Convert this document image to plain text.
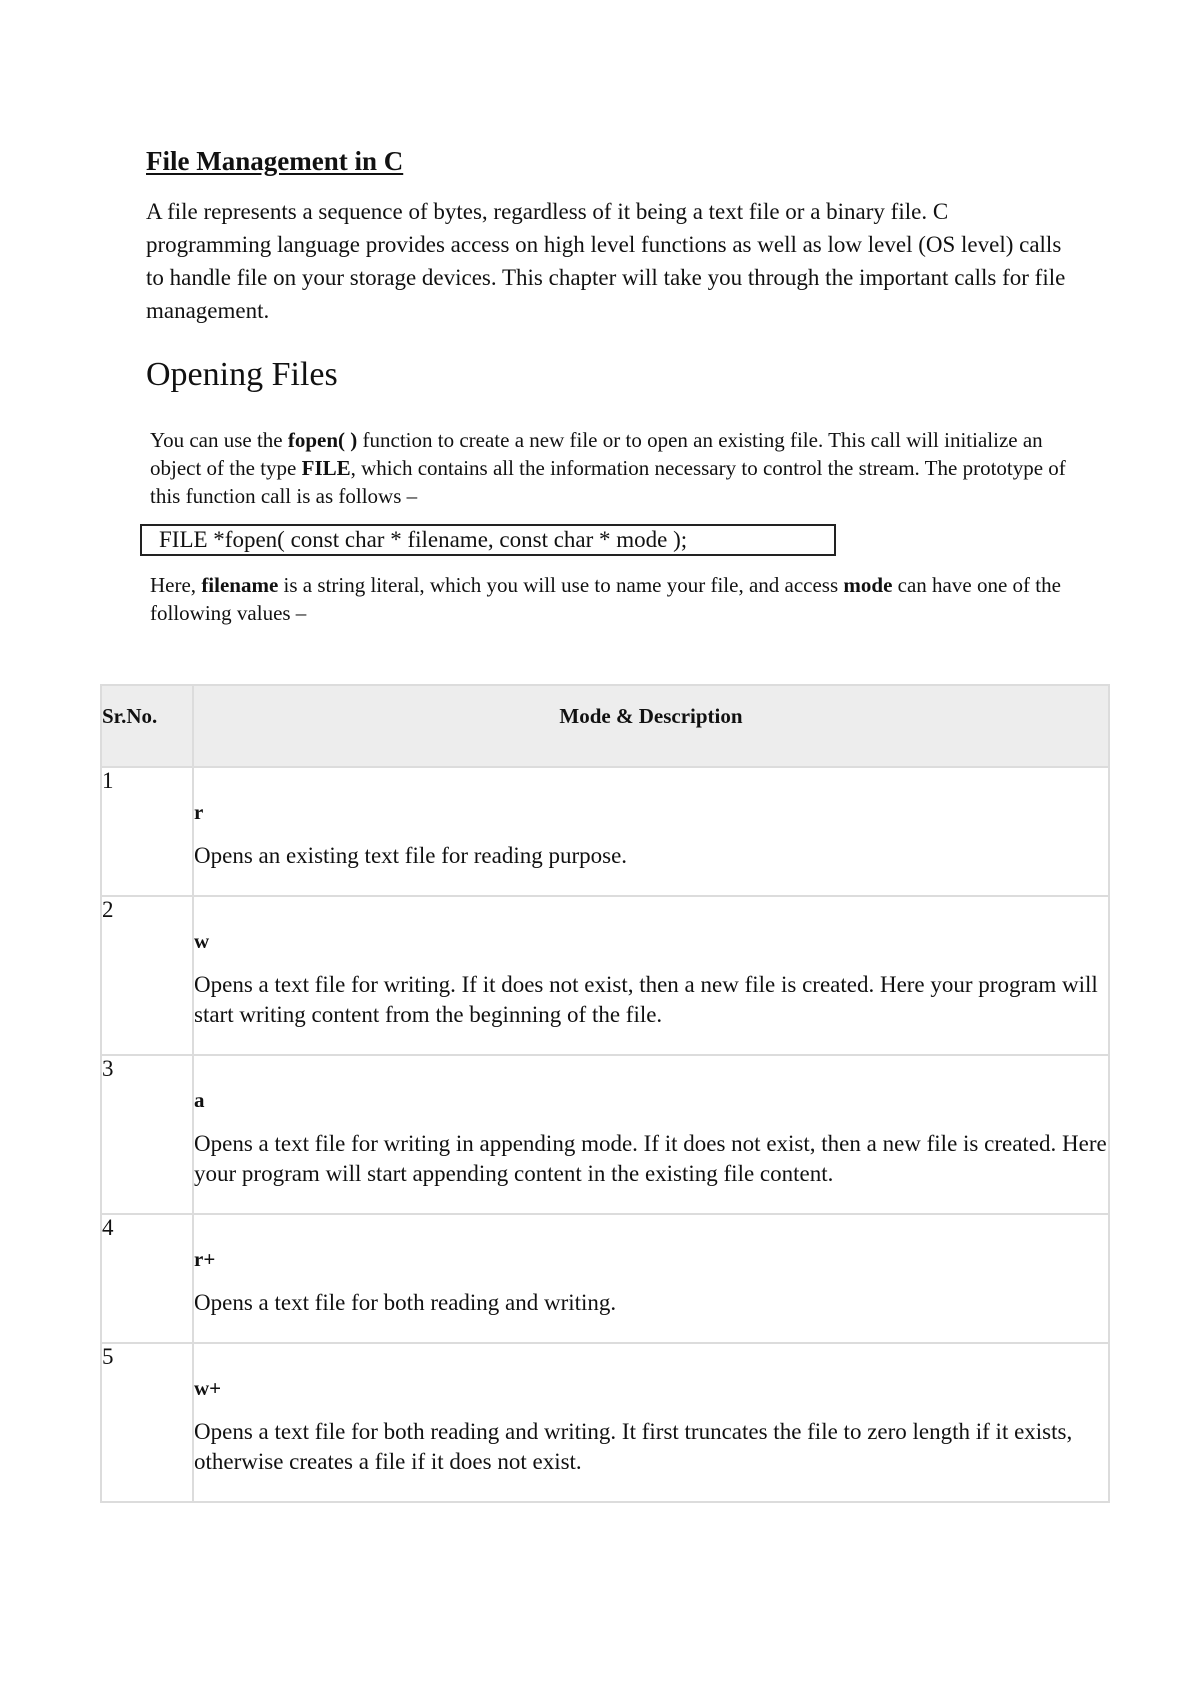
File Management in C

A file represents a sequence of bytes, regardless of it being a text file or a binary file. C programming language provides access on high level functions as well as low level (OS level) calls to handle file on your storage devices. This chapter will take you through the important calls for file management.

Opening Files

You can use the fopen( ) function to create a new file or to open an existing file. This call will initialize an object of the type FILE, which contains all the information necessary to control the stream. The prototype of this function call is as follows –

FILE *fopen( const char * filename, const char * mode );

Here, filename is a string literal, which you will use to name your file, and access mode can have one of the following values –

Sr.No.	Mode & Description
1	r
Opens an existing text file for reading purpose.

2	w
Opens a text file for writing. If it does not exist, then a new file is created. Here your program will start writing content from the beginning of the file.

3	a
Opens a text file for writing in appending mode. If it does not exist, then a new file is created. Here your program will start appending content in the existing file content.

4	r+
Opens a text file for both reading and writing.

5	w+
Opens a text file for both reading and writing. It first truncates the file to zero length if it exists, otherwise creates a file if it does not exist.
